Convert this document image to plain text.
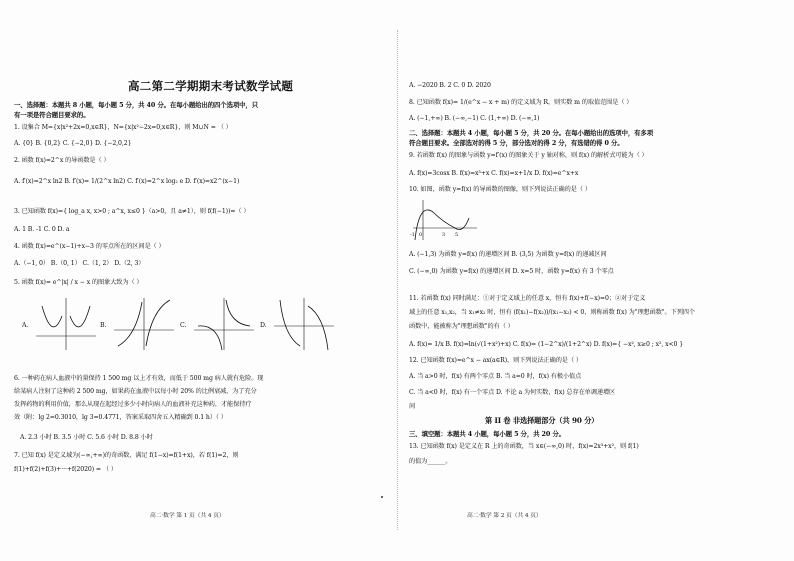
高二第二学期期末考试数学试题
一、选择题：本题共 8 小题，每小题 5 分，共 40 分。在每小题给出的四个选项中，只
有一项是符合题目要求的。
1. 设集合 M={x|x²+2x=0,x∈R}，N={x|x²−2x=0,x∈R}，则 M∪N = （ ）
A. {0} B. {0,2} C. {−2,0} D. {−2,0,2}
2. 函数 f(x)=2^x 的导函数是（ ）
A. f′(x)=2^x ln2 B. f′(x)= 1/(2^x ln2) C. f′(x)=2^x log₂ e D. f′(x)=x2^(x−1)
3. 已知函数 f(x)={ log_a x, x>0 ; a^x, x≤0 }（a>0，且 a≠1），则 f(f(−1))=（ ）
A. 1 B. -1 C. 0 D. a
4. 函数 f(x)=e^(x−1)+x−3 的零点所在的区间是（ ）
A.（−1, 0） B.（0, 1） C.（1, 2） D.（2, 3）
5. 函数 f(x)= e^|x| / x − x 的图象大致为（ ）
A.	B.	C.	D.
6. 一种药在病人血液中的量保持 1 500 mg 以上才有效，而低于 500 mg 病人就有危险。现
给某病人注射了这种药 2 500 mg，如果药在血液中以每小时 20% 的比例衰减，为了充分
发挥药物的利用价值，那么从现在起经过多少小时向病人的血液补充这种药，才能保持疗
效（附：lg 2=0.3010，lg 3=0.4771，答案采取四舍五入精确到 0.1 h）（ ）
A. 2.3 小时 B. 3.5 小时 C. 5.6 小时 D. 8.8 小时
7. 已知 f(x) 是定义域为(−∞,+∞)的奇函数，满足 f(1−x)=f(1+x)，若 f(1)=2，则
f(1)+f(2)+f(3)+···+f(2020) = （ ）
高二·数学 第 1 页（共 4 页）
A. −2020 B. 2 C. 0 D. 2020
8. 已知函数 f(x)= 1/(e^x − x + m) 的定义域为 R，则实数 m 的取值范围是（ ）
A. (−1,+∞) B. (−∞,−1) C. (1,+∞) D. (−∞,1)
二、选择题：本题共 4 小题，每小题 5 分，共 20 分。在每小题给出的选项中，有多项
符合题目要求。全部选对的得 5 分，部分选对的得 2 分，有选错的得 0 分。
9. 若函数 f(x) 的图象与函数 y=f′(x) 的图象关于 y 轴对称，则 f(x) 的解析式可能为（ ）
A. f(x)=3cosx B. f(x)=x³+x C. f(x)=x+1/x D. f(x)=e^x+x
10. 如图，函数 y=f(x) 的导函数的图像，则下列说法正确的是（ ）
-1 0	3 5
A. (−1,3) 为函数 y=f(x) 的递增区间 B. (3,5) 为函数 y=f(x) 的递减区间
C. (−∞,0) 为函数 y=f(x) 的递增区间 D. x=5 时，函数 y=f(x) 有 3 个零点
11. 若函数 f(x) 同时满足：①对于定义域上的任意 x，恒有 f(x)+f(−x)=0；②对于定义
域上的任意 x₁,x₂，当 x₁≠x₂ 时，恒有 (f(x₁)−f(x₂))/(x₁−x₂) < 0，则称函数 f(x) 为"理想函数"。下列四个
函数中，能被称为"理想函数"的有（ ）
A. f(x)= 1/x B. f(x)=ln(√(1+x²)+x) C. f(x)= (1−2^x)/(1+2^x) D. f(x)={ −x², x≥0 ; x², x<0 }
12. 已知函数 f(x)=e^x − ax(a∈R)，则下列说法正确的是（ ）
A. 当 a>0 时，f(x) 有两个零点 B. 当 a=0 时，f(x) 有极小值点
C. 当 a<0 时，f(x) 有一个零点 D. 不论 a 为何实数，f(x) 总存在单调递增区
间
第 II 卷 非选择题部分（共 90 分）
三、填空题：本题共 4 小题，每小题 5 分，共 20 分。
13. 已知函数 f(x) 是定义在 R 上的奇函数，当 x∈(−∞,0) 时，f(x)=2x³+x²，则 f(1)
的值为______。
高二·数学 第 2 页（共 4 页）
